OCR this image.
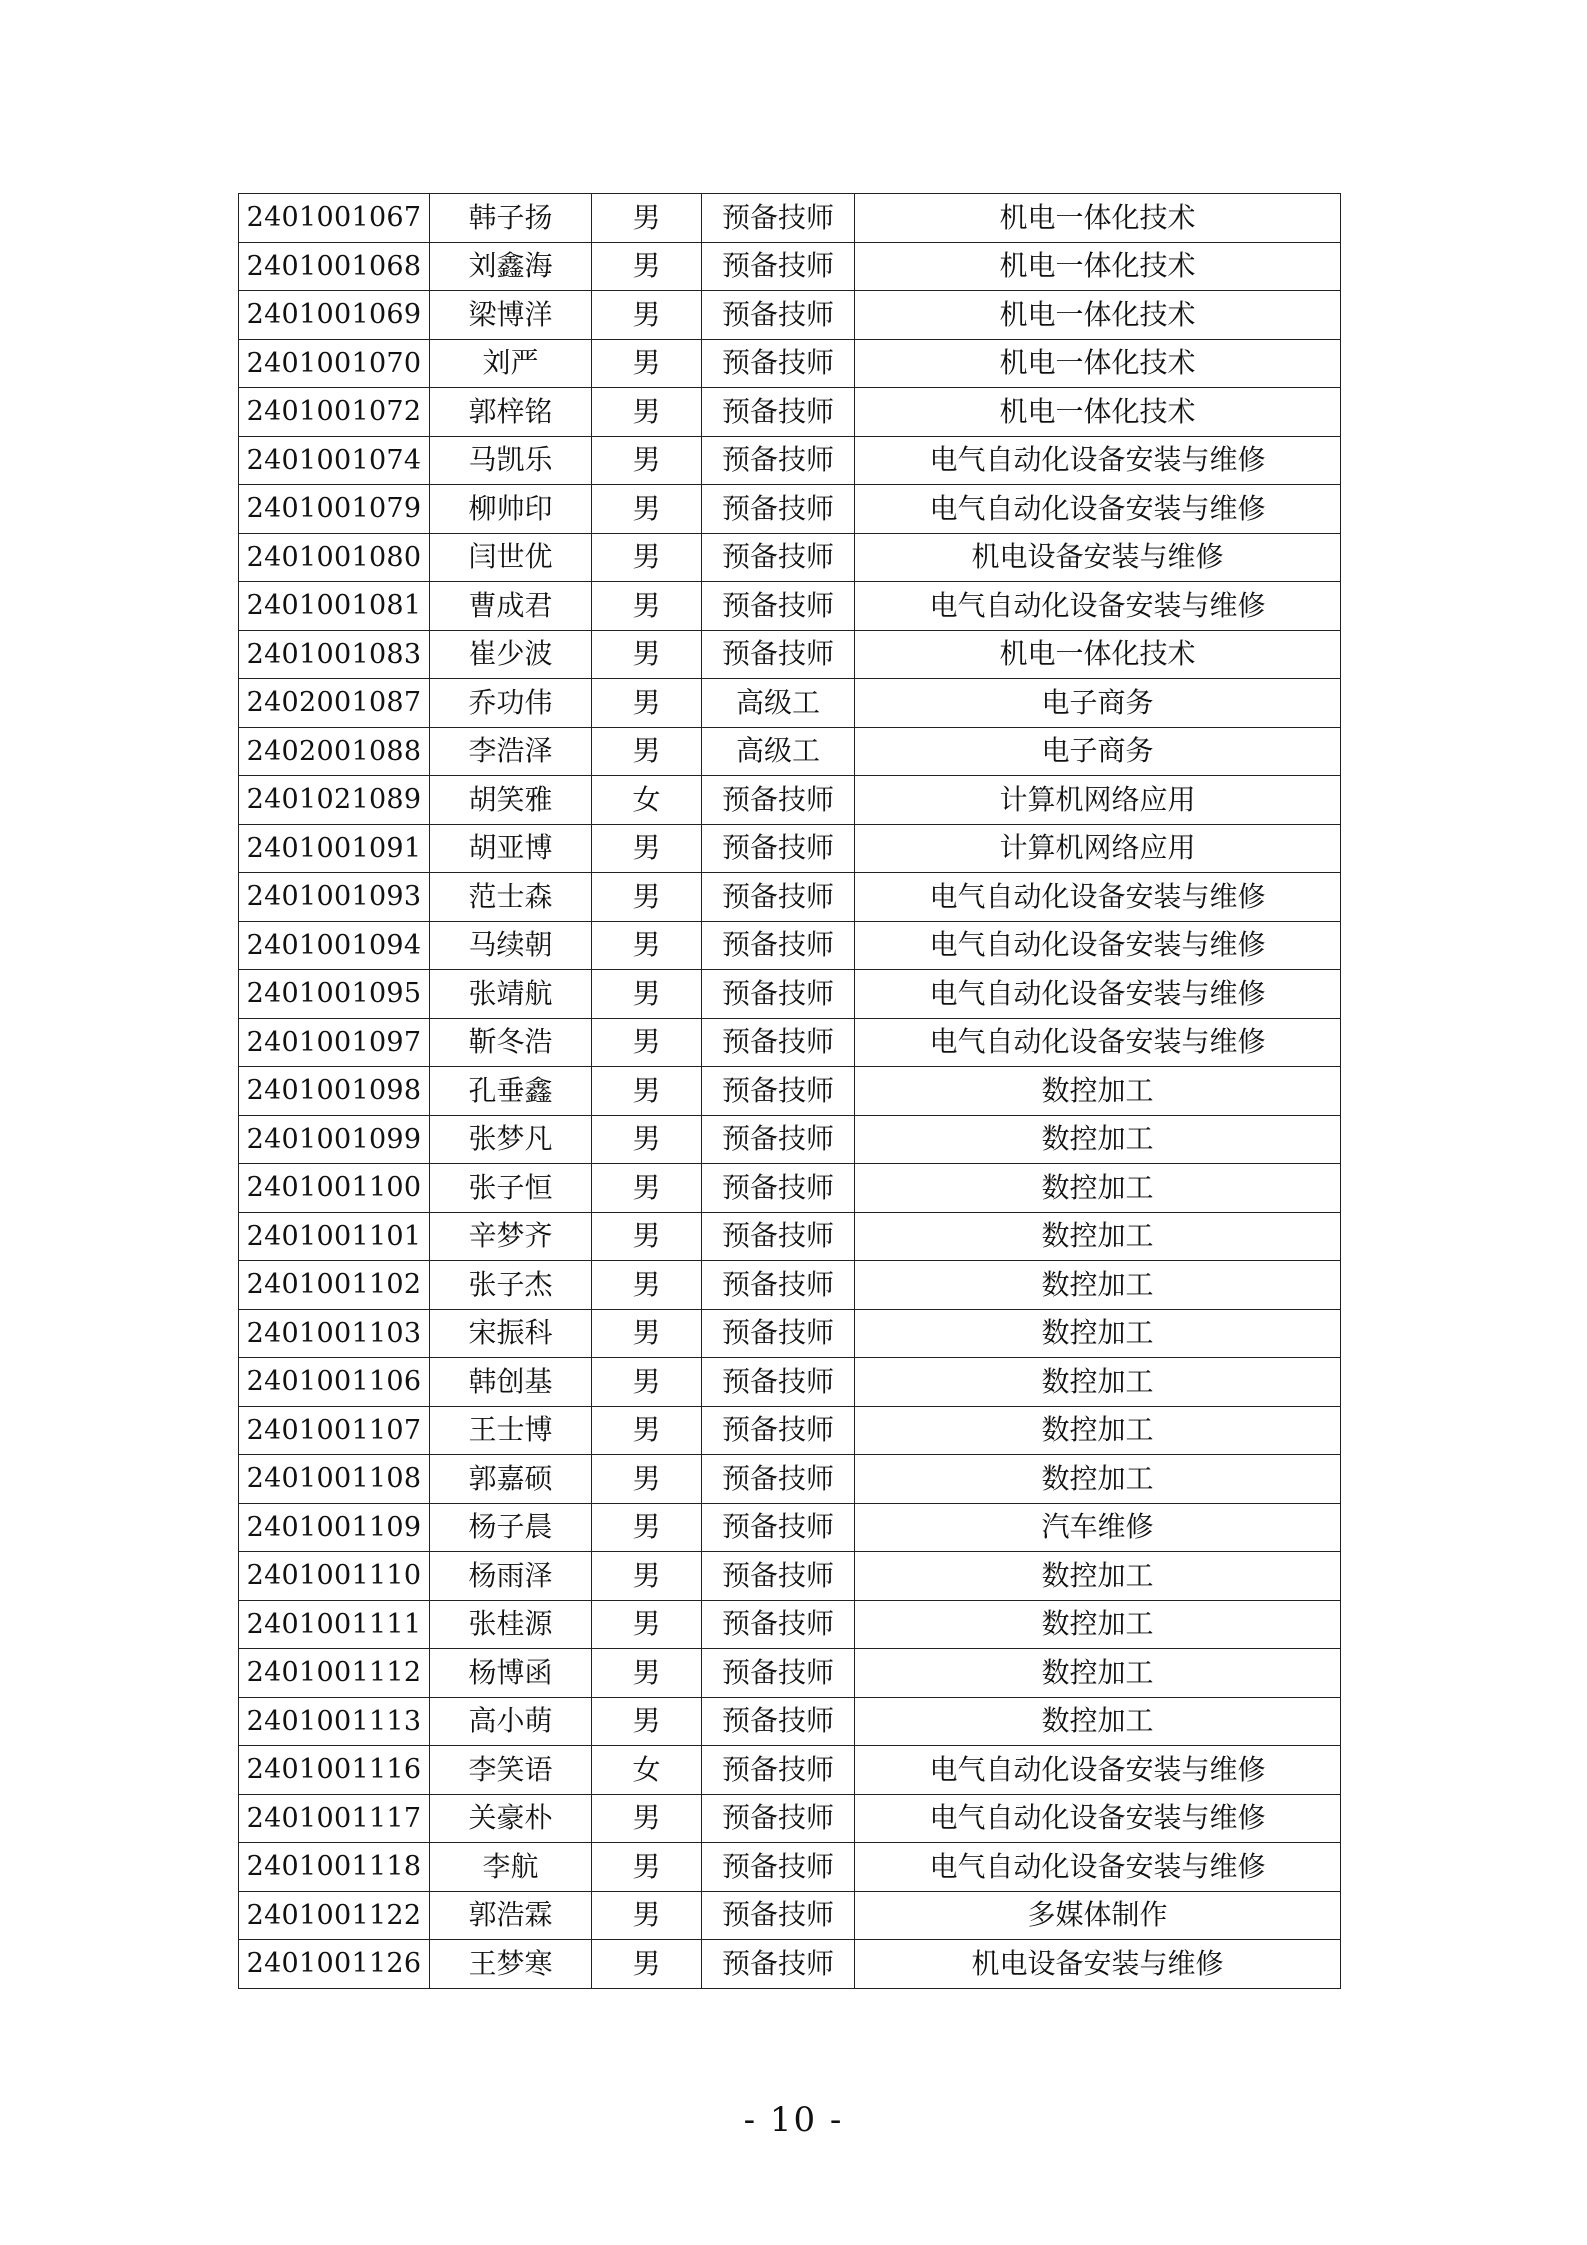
2401001067	韩子扬	男	预备技师	机电一体化技术
2401001068	刘鑫海	男	预备技师	机电一体化技术
2401001069	梁博洋	男	预备技师	机电一体化技术
2401001070	刘严	男	预备技师	机电一体化技术
2401001072	郭梓铭	男	预备技师	机电一体化技术
2401001074	马凯乐	男	预备技师	电气自动化设备安装与维修
2401001079	柳帅印	男	预备技师	电气自动化设备安装与维修
2401001080	闫世优	男	预备技师	机电设备安装与维修
2401001081	曹成君	男	预备技师	电气自动化设备安装与维修
2401001083	崔少波	男	预备技师	机电一体化技术
2402001087	乔功伟	男	高级工	电子商务
2402001088	李浩泽	男	高级工	电子商务
2401021089	胡笑雅	女	预备技师	计算机网络应用
2401001091	胡亚博	男	预备技师	计算机网络应用
2401001093	范士森	男	预备技师	电气自动化设备安装与维修
2401001094	马续朝	男	预备技师	电气自动化设备安装与维修
2401001095	张靖航	男	预备技师	电气自动化设备安装与维修
2401001097	靳冬浩	男	预备技师	电气自动化设备安装与维修
2401001098	孔垂鑫	男	预备技师	数控加工
2401001099	张梦凡	男	预备技师	数控加工
2401001100	张子恒	男	预备技师	数控加工
2401001101	辛梦齐	男	预备技师	数控加工
2401001102	张子杰	男	预备技师	数控加工
2401001103	宋振科	男	预备技师	数控加工
2401001106	韩创基	男	预备技师	数控加工
2401001107	王士博	男	预备技师	数控加工
2401001108	郭嘉硕	男	预备技师	数控加工
2401001109	杨子晨	男	预备技师	汽车维修
2401001110	杨雨泽	男	预备技师	数控加工
2401001111	张桂源	男	预备技师	数控加工
2401001112	杨博函	男	预备技师	数控加工
2401001113	高小萌	男	预备技师	数控加工
2401001116	李笑语	女	预备技师	电气自动化设备安装与维修
2401001117	关豪朴	男	预备技师	电气自动化设备安装与维修
2401001118	李航	男	预备技师	电气自动化设备安装与维修
2401001122	郭浩霖	男	预备技师	多媒体制作
2401001126	王梦寒	男	预备技师	机电设备安装与维修
- 10 -
